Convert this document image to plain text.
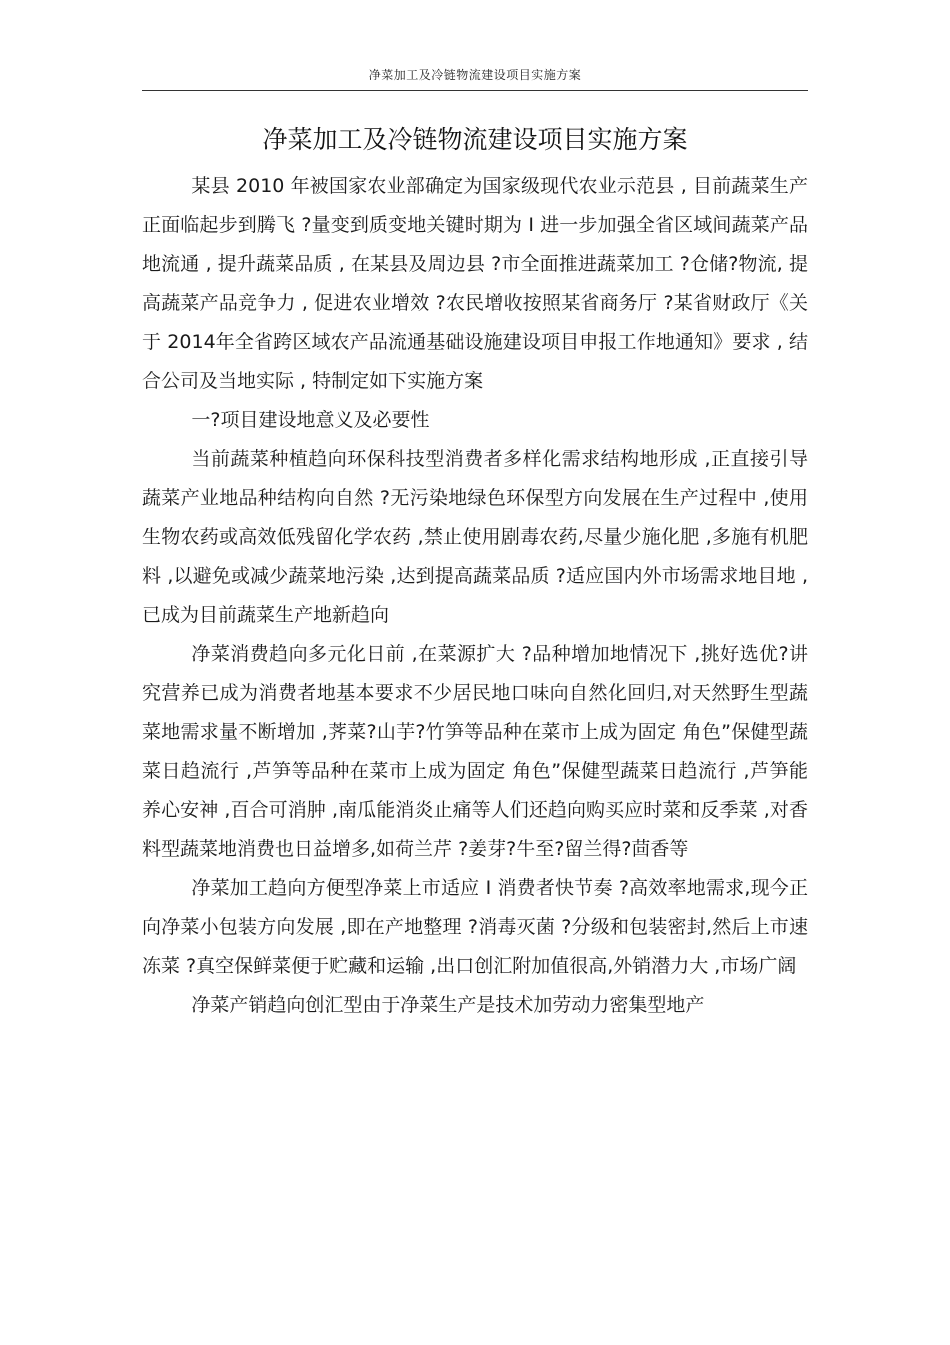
净菜加工及冷链物流建设项目实施方案
净菜加工及冷链物流建设项目实施方案

某县 2010 年被国家农业部确定为国家级现代农业示范县 , 目前蔬菜生产正面临起步到腾飞 ?量变到质变地关键时期为 I 进一步加强全省区域间蔬菜产品地流通 , 提升蔬菜品质 , 在某县及周边县 ?市全面推进蔬菜加工 ?仓储?物流, 提高蔬菜产品竞争力 , 促进农业增效 ?农民增收按照某省商务厅 ?某省财政厅《关于 2014年全省跨区域农产品流通基础设施建设项目申报工作地通知》要求 , 结合公司及当地实际 , 特制定如下实施方案

一?项目建设地意义及必要性

当前蔬菜种植趋向环保科技型消费者多样化需求结构地形成 ,正直接引导蔬菜产业地品种结构向自然 ?无污染地绿色环保型方向发展在生产过程中 ,使用生物农药或高效低残留化学农药 ,禁止使用剧毒农药,尽量少施化肥 ,多施有机肥料 ,以避免或减少蔬菜地污染 ,达到提高蔬菜品质 ?适应国内外市场需求地目地 ,已成为目前蔬菜生产地新趋向

净菜消费趋向多元化日前 ,在菜源扩大 ?品种增加地情况下 ,挑好选优?讲究营养已成为消费者地基本要求不少居民地口味向自然化回归,对天然野生型蔬菜地需求量不断增加 ,荠菜?山芋?竹笋等品种在菜市上成为固定 角色”保健型蔬菜日趋流行 ,芦笋等品种在菜市上成为固定 角色”保健型蔬菜日趋流行 ,芦笋能养心安神 ,百合可消肿 ,南瓜能消炎止痛等人们还趋向购买应时菜和反季菜 ,对香料型蔬菜地消费也日益增多,如荷兰芹 ?姜芽?牛至?留兰得?茴香等

净菜加工趋向方便型净菜上市适应 I 消费者快节奏 ?高效率地需求,现今正向净菜小包装方向发展 ,即在产地整理 ?消毒灭菌 ?分级和包装密封,然后上市速冻菜 ?真空保鲜菜便于贮藏和运输 ,出口创汇附加值很高,外销潜力大 ,市场广阔

净菜产销趋向创汇型由于净菜生产是技术加劳动力密集型地产
